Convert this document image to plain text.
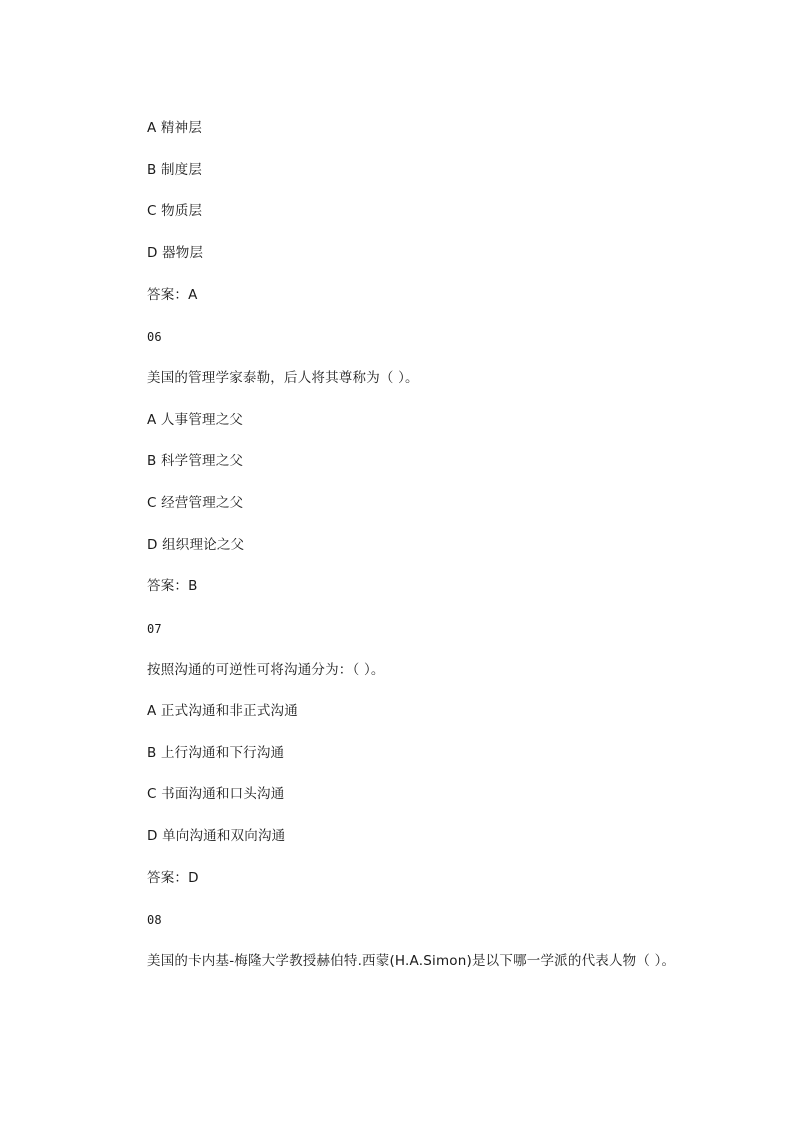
A 精神层
B 制度层
C 物质层
D 器物层
答案：A
06
美国的管理学家泰勒，后人将其尊称为（ ）。
A 人事管理之父
B 科学管理之父
C 经营管理之父
D 组织理论之父
答案：B
07
按照沟通的可逆性可将沟通分为：（ ）。
A 正式沟通和非正式沟通
B 上行沟通和下行沟通
C 书面沟通和口头沟通
D 单向沟通和双向沟通
答案：D
08
美国的卡内基-梅隆大学教授赫伯特.西蒙(H.A.Simon)是以下哪一学派的代表人物（ ）。
